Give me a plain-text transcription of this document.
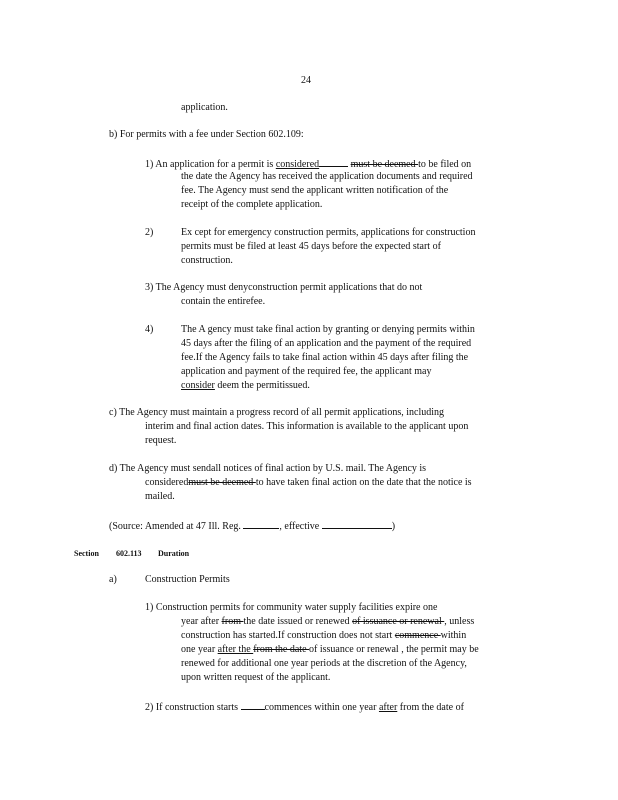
24
application.
b) For permits with a fee under Section 602.109:
1) An application for a permit is considered	must be deemed to be filed on
the date the Agency has received the application documents and required
fee. The Agency must send the applicant written notification of the
receipt of the complete application.
2)	Ex cept for emergency construction permits, applications for construction
permits must be filed at least 45 days before the expected start of
construction.
3) The Agency must denyconstruction permit applications that do not
contain the entirefee.
4)	The A gency must take final action by granting or denying permits within
45 days after the filing of an application and the payment of the required
fee.If the Agency fails to take final action within 45 days after filing the
application and payment of the required fee, the applicant may
consider deem the permitissued.
c) The Agency must maintain a progress record of all permit applications, including
interim and final action dates. This information is available to the applicant upon
request.
d) The Agency must sendall notices of final action by U.S. mail. The Agency is
consideredmust be deemed to have taken final action on the date that the notice is
mailed.
(Source: Amended at 47 Ill. Reg.	, effective	)
Section 602.113 Duration
a)	Construction Permits
1) Construction permits for community water supply facilities expire one
year after from the date issued or renewed of issuance or renewal , unless
construction has started.If construction does not start commence within
one year after the from the date of issuance or renewal , the permit may be
renewed for additional one year periods at the discretion of the Agency,
upon written request of the applicant.
2) If construction starts commences within one year after from the date of
